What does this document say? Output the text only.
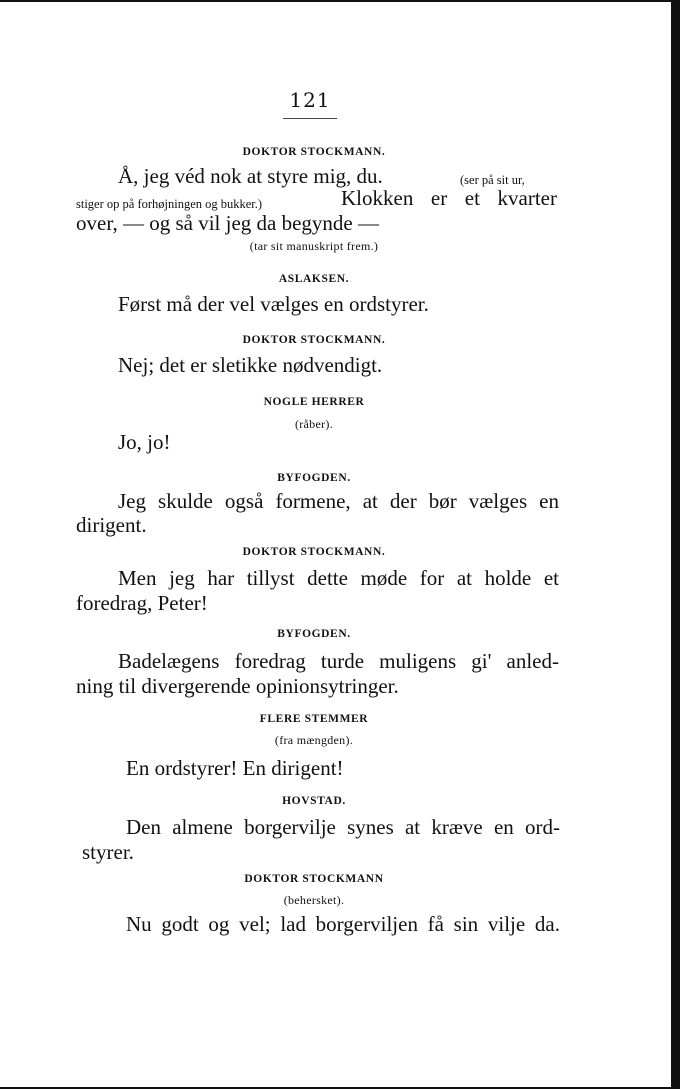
121
DOKTOR STOCKMANN.
Å, jeg véd nok at styre mig, du.	(ser på sit ur,
stiger op på forhøjningen og bukker.)	Klokken er et kvarter
over, — og så vil jeg da begynde —
(tar sit manuskript frem.)
ASLAKSEN.
Først må der vel vælges en ordstyrer.
DOKTOR STOCKMANN.
Nej; det er sletikke nødvendigt.
NOGLE HERRER
(råber).
Jo, jo!
BYFOGDEN.
Jeg skulde også formene, at der bør vælges en
dirigent.
DOKTOR STOCKMANN.
Men jeg har tillyst dette møde for at holde et
foredrag, Peter!
BYFOGDEN.
Badelægens foredrag turde muligens gi' anled-
ning til divergerende opinionsytringer.
FLERE STEMMER
(fra mængden).
En ordstyrer! En dirigent!
HOVSTAD.
Den almene borgervilje synes at kræve en ord-
styrer.
DOKTOR STOCKMANN
(behersket).
Nu godt og vel; lad borgerviljen få sin vilje da.
